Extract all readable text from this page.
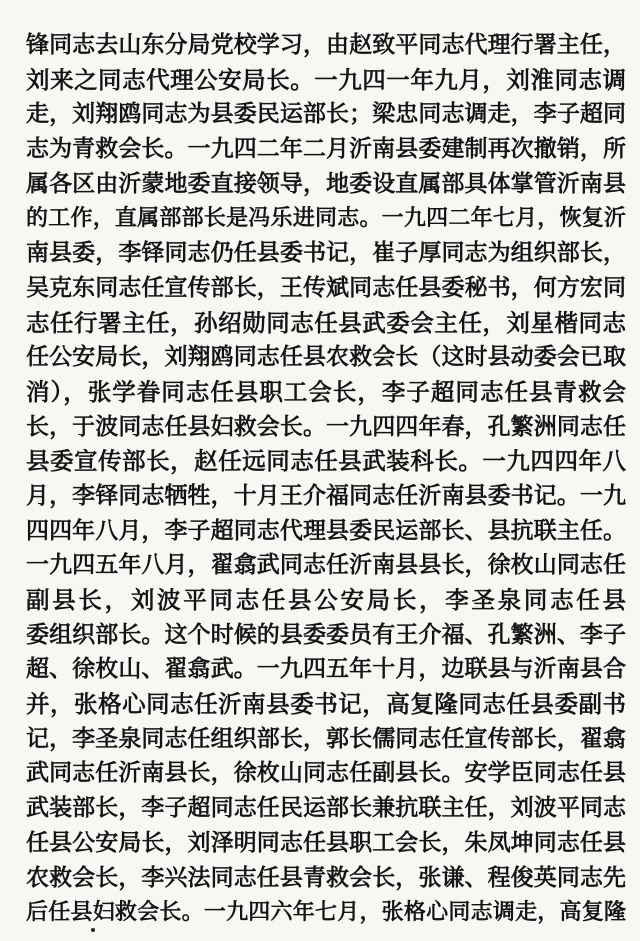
锋同志去山东分局党校学习，由赵致平同志代理行署主任，
刘来之同志代理公安局长。一九四一年九月，刘淮同志调
走，刘翔鸥同志为县委民运部长；梁忠同志调走，李子超同
志为青救会长。一九四二年二月沂南县委建制再次撤销，所
属各区由沂蒙地委直接领导，地委设直属部具体掌管沂南县
的工作，直属部部长是冯乐进同志。一九四二年七月，恢复沂
南县委，李铎同志仍任县委书记，崔子厚同志为组织部长，
吴克东同志任宣传部长，王传斌同志任县委秘书，何方宏同
志任行署主任，孙绍勋同志任县武委会主任，刘星楷同志
任公安局长，刘翔鸥同志任县农救会长（这时县动委会已取
消），张学眷同志任县职工会长，李子超同志任县青救会
长，于波同志任县妇救会长。一九四四年春，孔繁洲同志任
县委宣传部长，赵任远同志任县武装科长。一九四四年八
月，李铎同志牺牲，十月王介福同志任沂南县委书记。一九
四四年八月，李子超同志代理县委民运部长、县抗联主任。
一九四五年八月，翟翕武同志任沂南县县长，徐枚山同志任
副县长，刘波平同志任县公安局长，李圣泉同志任县
委组织部长。这个时候的县委委员有王介福、孔繁洲、李子
超、徐枚山、翟翕武。一九四五年十月，边联县与沂南县合
并，张格心同志任沂南县委书记，高复隆同志任县委副书
记，李圣泉同志任组织部长，郭长儒同志任宣传部长，翟翕
武同志任沂南县长，徐枚山同志任副县长。安学臣同志任县
武装部长，李子超同志任民运部长兼抗联主任，刘波平同志
任县公安局长，刘泽明同志任县职工会长，朱凤坤同志任县
农救会长，李兴法同志任县青救会长，张谦、程俊英同志先
后任县妇救会长。一九四六年七月，张格心同志调走，高复隆
